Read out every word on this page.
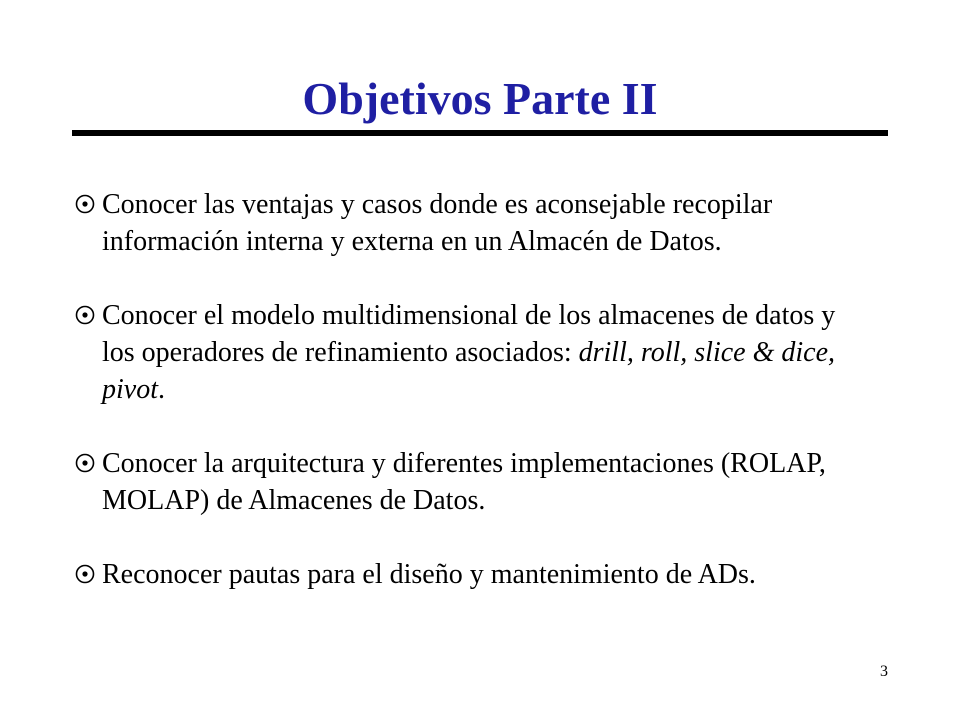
Objetivos Parte II
Conocer las ventajas y casos donde es aconsejable recopilar información interna y externa en un Almacén de Datos.
Conocer el modelo multidimensional de los almacenes de datos y los operadores de refinamiento asociados: drill, roll, slice & dice, pivot.
Conocer la arquitectura y diferentes implementaciones (ROLAP, MOLAP) de Almacenes de Datos.
Reconocer pautas para el diseño y mantenimiento de ADs.
3
